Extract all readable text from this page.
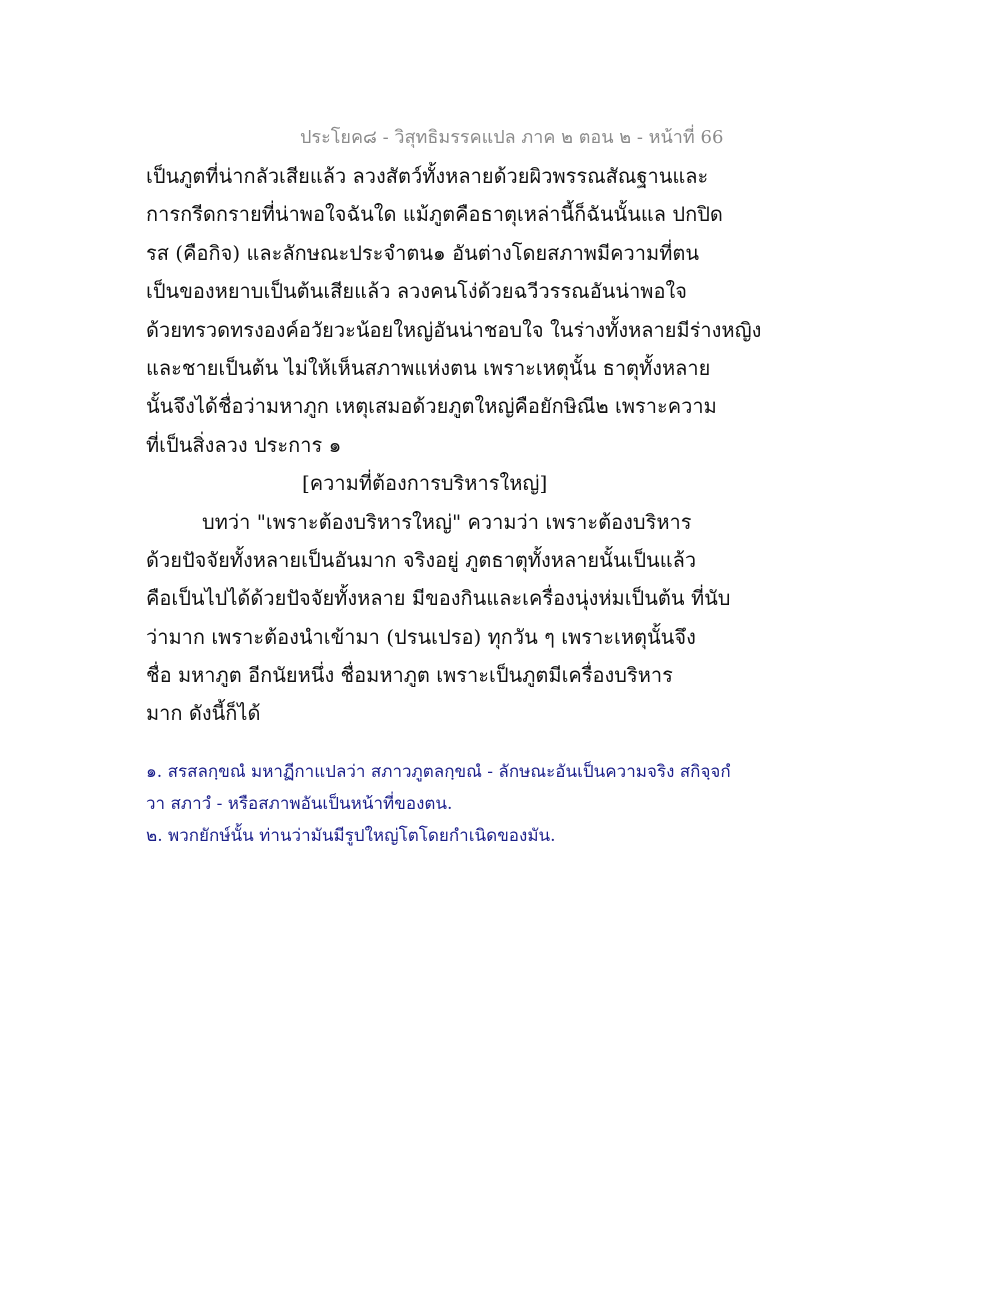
ประโยค๘ - วิสุทธิมรรคแปล ภาค ๒ ตอน ๒ - หน้าที่ 66
เป็นภูตที่น่ากลัวเสียแล้ว ลวงสัตว์ทั้งหลายด้วยผิวพรรณสัณฐานและ
การกรีดกรายที่น่าพอใจฉันใด แม้ภูตคือธาตุเหล่านี้ก็ฉันนั้นแล ปกปิด
รส (คือกิจ) และลักษณะประจำตน๑ อันต่างโดยสภาพมีความที่ตน
เป็นของหยาบเป็นต้นเสียแล้ว ลวงคนโง่ด้วยฉวีวรรณอันน่าพอใจ
ด้วยทรวดทรงองค์อวัยวะน้อยใหญ่อันน่าชอบใจ ในร่างทั้งหลายมีร่างหญิง
และชายเป็นต้น ไม่ให้เห็นสภาพแห่งตน เพราะเหตุนั้น ธาตุทั้งหลาย
นั้นจึงได้ชื่อว่ามหาภูก เหตุเสมอด้วยภูตใหญ่คือยักษิณี๒ เพราะความ
ที่เป็นสิ่งลวง ประการ ๑
[ความที่ต้องการบริหารใหญ่]
บทว่า "เพราะต้องบริหารใหญ่" ความว่า เพราะต้องบริหาร
ด้วยปัจจัยทั้งหลายเป็นอันมาก จริงอยู่ ภูตธาตุทั้งหลายนั้นเป็นแล้ว
คือเป็นไปได้ด้วยปัจจัยทั้งหลาย มีของกินและเครื่องนุ่งห่มเป็นต้น ที่นับ
ว่ามาก เพราะต้องนำเข้ามา (ปรนเปรอ) ทุกวัน ๆ เพราะเหตุนั้นจึง
ชื่อ มหาภูต อีกนัยหนึ่ง ชื่อมหาภูต เพราะเป็นภูตมีเครื่องบริหาร
มาก ดังนี้ก็ได้
๑. สรสลกฺขณํ มหาฏีกาแปลว่า สภาวภูตลกฺขณํ - ลักษณะอันเป็นความจริง สกิจฺจกํ
วา สภาวํ - หรือสภาพอันเป็นหน้าที่ของตน.
๒. พวกยักษ์นั้น ท่านว่ามันมีรูปใหญ่โตโดยกำเนิดของมัน.
